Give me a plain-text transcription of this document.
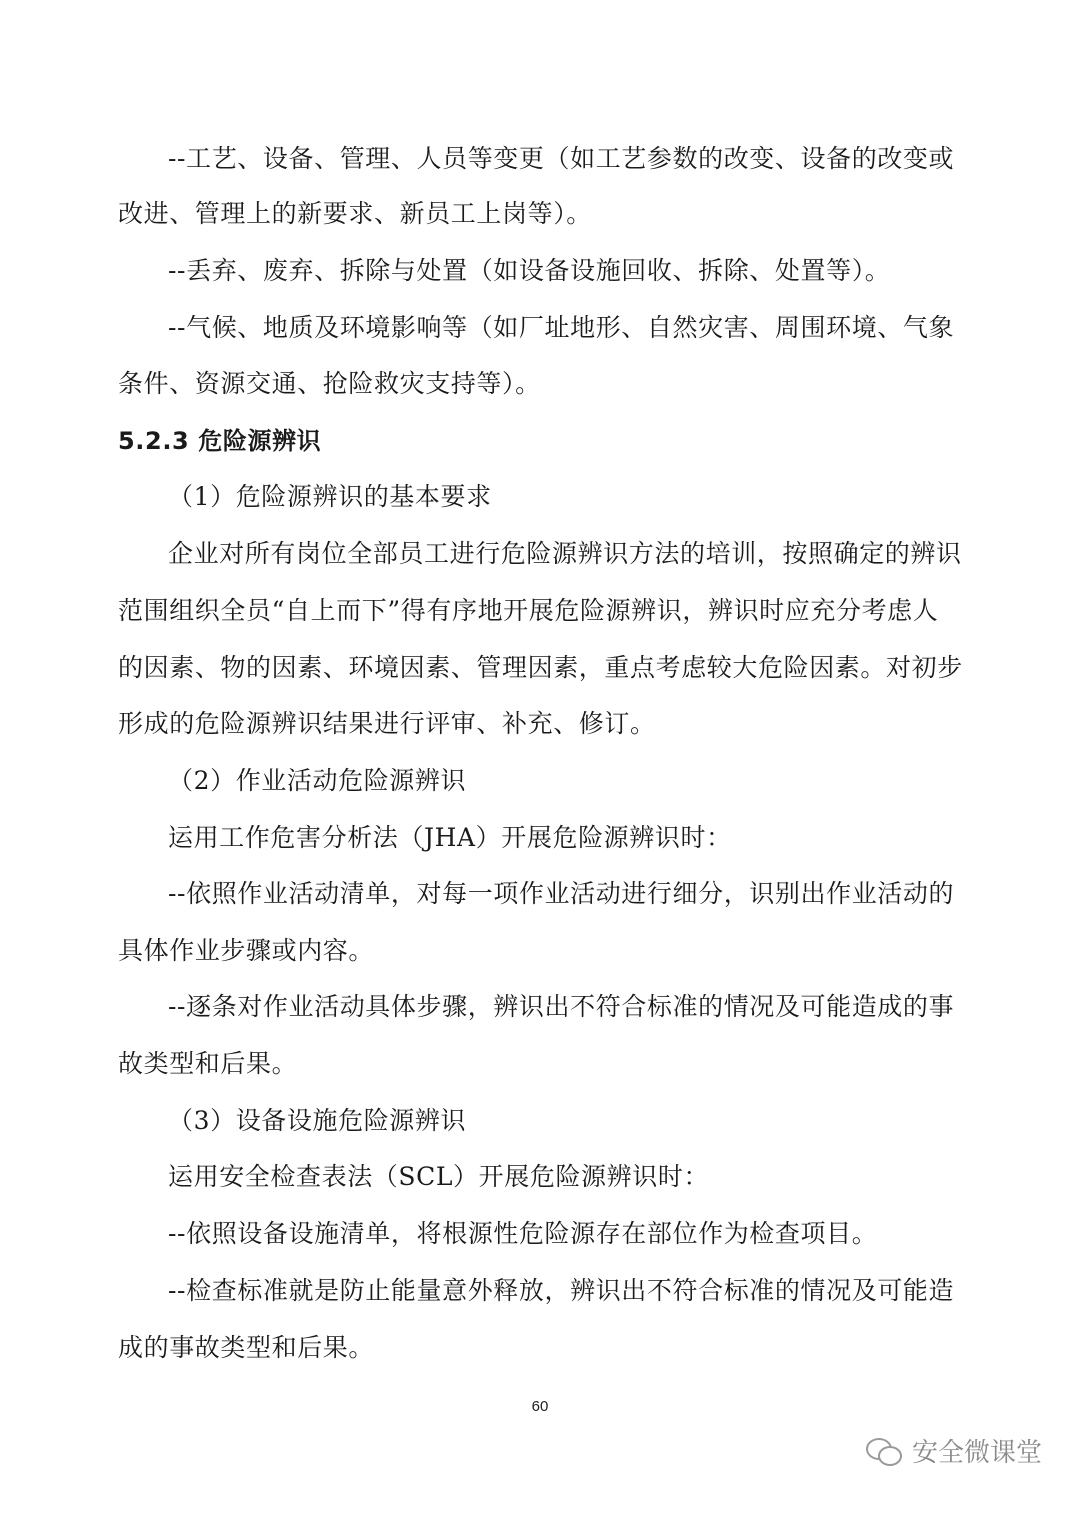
--工艺、设备、管理、人员等变更（如工艺参数的改变、设备的改变或
改进、管理上的新要求、新员工上岗等）。
--丢弃、废弃、拆除与处置（如设备设施回收、拆除、处置等）。
--气候、地质及环境影响等（如厂址地形、自然灾害、周围环境、气象
条件、资源交通、抢险救灾支持等）。
5.2.3 危险源辨识
（1）危险源辨识的基本要求
企业对所有岗位全部员工进行危险源辨识方法的培训，按照确定的辨识
范围组织全员“自上而下”得有序地开展危险源辨识，辨识时应充分考虑人
的因素、物的因素、环境因素、管理因素，重点考虑较大危险因素。对初步
形成的危险源辨识结果进行评审、补充、修订。
（2）作业活动危险源辨识
运用工作危害分析法（JHA）开展危险源辨识时：
--依照作业活动清单，对每一项作业活动进行细分，识别出作业活动的
具体作业步骤或内容。
--逐条对作业活动具体步骤，辨识出不符合标准的情况及可能造成的事
故类型和后果。
（3）设备设施危险源辨识
运用安全检查表法（SCL）开展危险源辨识时：
--依照设备设施清单，将根源性危险源存在部位作为检查项目。
--检查标准就是防止能量意外释放，辨识出不符合标准的情况及可能造
成的事故类型和后果。
60
安全微课堂
